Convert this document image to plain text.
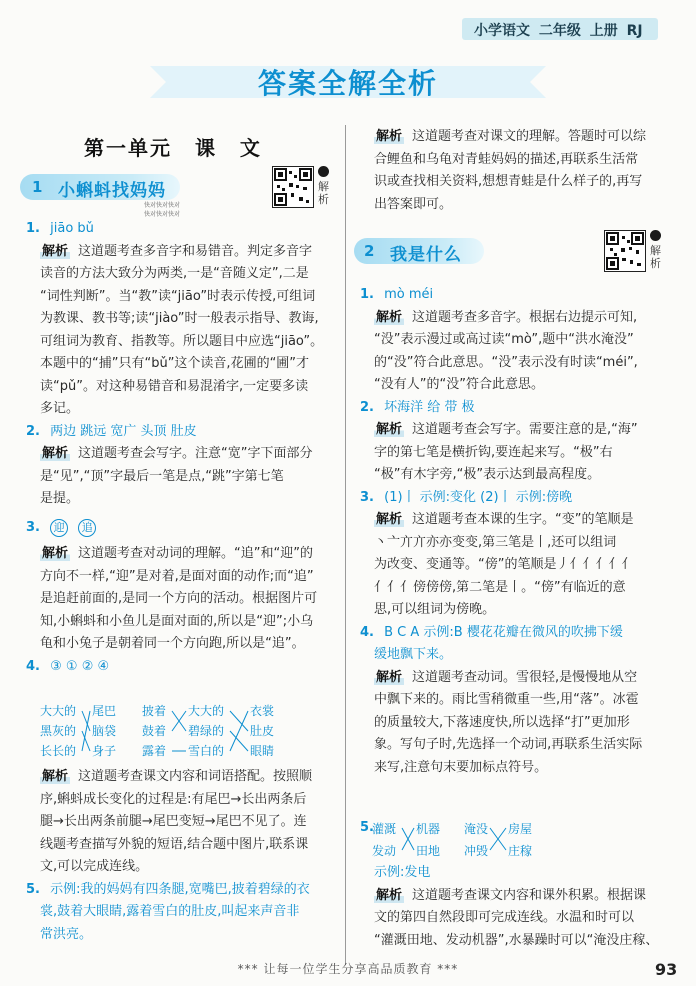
小学语文 二年级 上册 RJ
答案全解全析
第一单元 课 文
1 小蝌蚪找妈妈	解析
快对快对快对
快对快对快对

1. jiāo bǔ

解析 这道题考查多音字和易错音。判定多音字

读音的方法大致分为两类,一是“音随义定”,二是

“词性判断”。当“教”读“jiāo”时表示传授,可组词

为教课、教书等;读“jiào”时一般表示指导、教诲,

可组词为教育、指教等。所以题目中应选“jiāo”。

本题中的“捕”只有“bǔ”这个读音,花圃的“圃”才

读“pǔ”。对这种易错音和易混淆字,一定要多读

多记。

2. 两边 跳远 宽广 头顶 肚皮

解析 这道题考查会写字。注意“宽”字下面部分

是“见”,“顶”字最后一笔是点,“跳”字第七笔

是提。

3. 迎 追

解析 这道题考查对动词的理解。“追”和“迎”的

方向不一样,“迎”是对着,是面对面的动作;而“追”

是追赶前面的,是同一个方向的活动。根据图片可

知,小蝌蚪和小鱼儿是面对面的,所以是“迎”;小乌

龟和小兔子是朝着同一个方向跑,所以是“追”。

4. ③ ① ② ④

大大的
黑灰的
长长的
尾巴
脑袋
身子
披着
鼓着
露着
大大的
碧绿的
雪白的
衣裳
肚皮
眼睛

解析 这道题考查课文内容和词语搭配。按照顺

序,蝌蚪成长变化的过程是:有尾巴→长出两条后

腿→长出两条前腿→尾巴变短→尾巴不见了。连

线题考查描写外貌的短语,结合题中图片,联系课

文,可以完成连线。

5. 示例:我的妈妈有四条腿,宽嘴巴,披着碧绿的衣

裳,鼓着大眼睛,露着雪白的肚皮,叫起来声音非

常洪亮。

解析 这道题考查对课文的理解。答题时可以综

合鲤鱼和乌龟对青蛙妈妈的描述,再联系生活常

识或查找相关资料,想想青蛙是什么样子的,再写

出答案即可。

2 我是什么	解析

1. mò méi

解析 这道题考查多音字。根据右边提示可知,

“没”表示漫过或高过读“mò”,题中“洪水淹没”

的“没”符合此意思。“没”表示没有时读“méi”,

“没有人”的“没”符合此意思。

2. 坏海洋 给 带 极

解析 这道题考查会写字。需要注意的是,“海”

字的第七笔是横折钩,要连起来写。“极”右

“极”有木字旁,“极”表示达到最高程度。

3. (1)丨 示例:变化 (2)丨 示例:傍晚

解析 这道题考查本课的生字。“变”的笔顺是

丶亠亣亣亦亦变变,第三笔是丨,还可以组词

为改变、变通等。“傍”的笔顺是丿亻亻亻亻亻

亻亻亻傍傍傍,第二笔是丨。“傍”有临近的意

思,可以组词为傍晚。

4. B C A 示例:B 樱花花瓣在微风的吹拂下缓

缓地飘下来。

解析 这道题考查动词。雪很轻,是慢慢地从空

中飘下来的。雨比雪稍微重一些,用“落”。冰雹

的质量较大,下落速度快,所以选择“打”更加形

象。写句子时,先选择一个动词,再联系生活实际

来写,注意句末要加标点符号。

5.
灌溉
发动
机器
田地
淹没
冲毁
房屋
庄稼

示例:发电

解析 这道题考查课文内容和课外积累。根据课

文的第四自然段即可完成连线。水温和时可以

“灌溉田地、发动机器”,水暴躁时可以“淹没庄稼、

*** 让每一位学生分享高品质教育 ***	93
